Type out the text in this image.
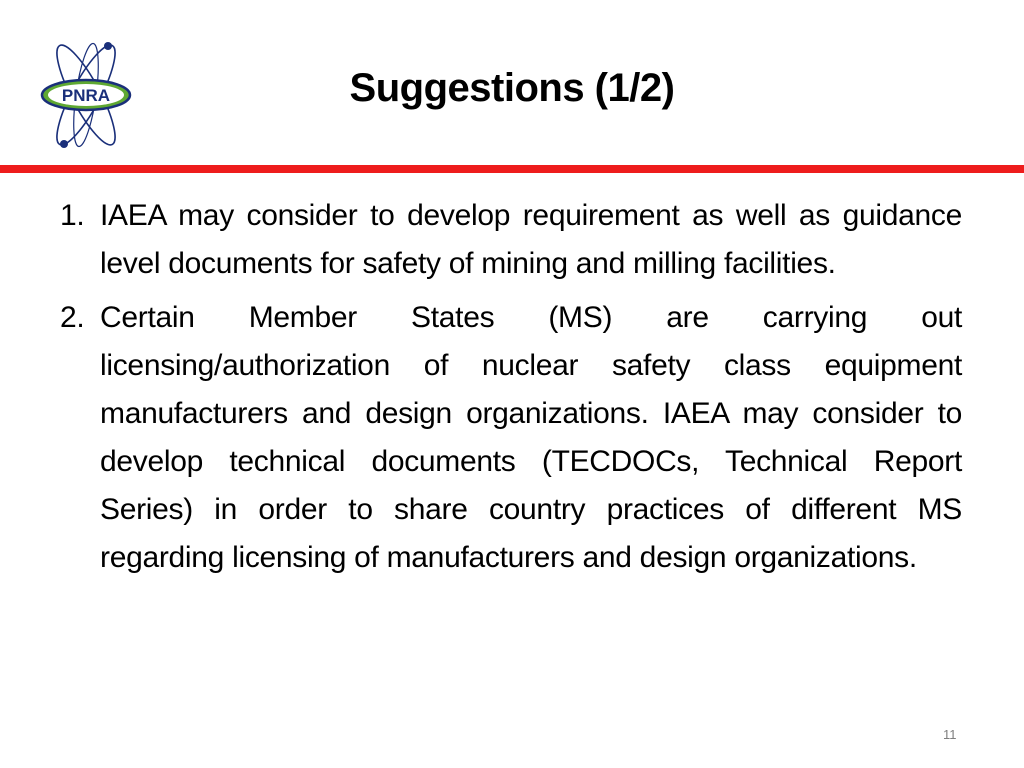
PNRA	Suggestions (1/2)
1. IAEA may consider to develop requirement as well as guidance level documents for safety of mining and milling facilities.
2. Certain Member States (MS) are carrying out licensing/authorization of nuclear safety class equipment manufacturers and design organizations. IAEA may consider to develop technical documents (TECDOCs, Technical Report Series) in order to share country practices of different MS regarding licensing of manufacturers and design organizations.
11
